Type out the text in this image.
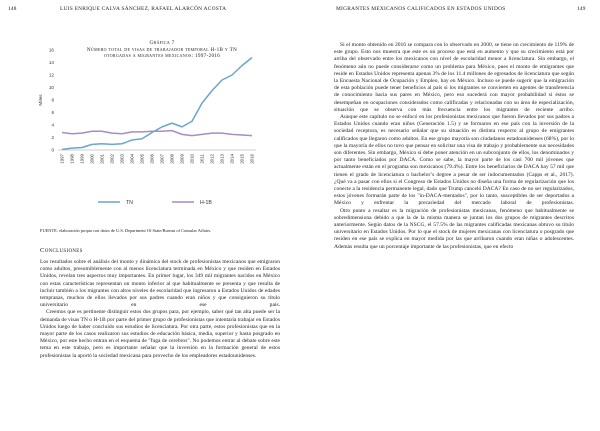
148	LUIS ENRIQUE CALVA SÁNCHEZ, RAFAEL ALARCÓN ACOSTA
Gráfica 7
Número total de visas de trabajador temporal H-1B y TN
otorgadas a migrantes mexicanos: 1997-2016
0
2
4
6
8
10
12
14
16
Miles
1997 1998 1999 2000 2001 2002 2003 2004 2005 2006 2007 2008 2009 2010 2011 2012 2013 2014 2015 2016
TN	H-1B
FUENTE: elaboración propia con datos de U.S. Department Of State/Bureau of Consular Affairs.
Conclusiones

Los resultados sobre el análisis del monto y dinámica del stock de profesionistas mexicanos que emigraron como adultos, presumiblemente con al menos licenciatura terminada en México y que residen en Estados Unidos, revelan tres aspectos muy importantes. En primer lugar, los 349 mil migrantes nacidos en México con estas características representan un monto inferior al que habitualmente se presenta y que resulta de incluir también a los migrantes con altos niveles de escolaridad que ingresaron a Estados Unidos de edades tempranas, muchos de ellos llevados por sus padres cuando eran niños y que consiguieron su título universitario en ese país.

Creemos que es pertinente distinguir estos dos grupos para, por ejemplo, saber qué tan alta puede ser la demanda de visas TN o H-1B por parte del primer grupo de profesionistas que intentaría trabajar en Estados Unidos luego de haber concluido sus estudios de licenciatura. Por otra parte, estos profesionistas que en la mayor parte de los casos realizaron sus estudios de educación básica, media, superior y hasta posgrado en México, por este hecho entran en el esquema de "fuga de cerebros". No podemos entrar al debate sobre este tema en este trabajo, pero es importante señalar que la inversión en la formación general de estos profesionistas la aportó la sociedad mexicana para provecho de los empleadores estadounidenses.

MIGRANTES MEXICANOS CALIFICADOS EN ESTADOS UNIDOS	149

Si el monto obtenido en 2016 se compara con lo observado en 2000, se tiene un crecimiento de 119% de este grupo. Esto nos muestra que este es un proceso que está en aumento y que su crecimiento está por arriba del observado entre los mexicanos con nivel de escolaridad menor a licenciatura. Sin embargo, el fenómeno aún no puede considerarse como un problema para México, pues el monto de emigrantes que reside en Estados Unidos representa apenas 3% de los 11.4 millones de egresados de licenciatura que según la Encuesta Nacional de Ocupación y Empleo, hay en México. Incluso se puede sugerir que la emigración de esta población puede tener beneficios al país si los migrantes se convierten en agentes de transferencia de conocimiento hacia sus pares en México, pero eso sucederá con mayor probabilidad si éstos se desempeñan en ocupaciones considerados como calificadas y relacionadas con su área de especialización, situación que se observa con más frecuencia entre los migrantes de reciente arribo.

Aunque este capítulo no se enfocó en los profesionistas mexicanos que fueron llevados por sus padres a Estados Unidos cuando eran niños (Generación 1.5) y se formaron en ese país con la inversión de la sociedad receptora, es necesario señalar que su situación es distinta respecto al grupo de emigrantes calificados que llegaron como adultos. En ese grupo mayoría son ciudadanos estadounidenses (68%), por lo que la mayoría de ellos no tuvo que pensar en solicitar una visa de trabajo y probablemente sus necesidades son diferentes. Sin embargo, México sí debe poner atención en un subconjunto de ellos, los denominados y por tanto beneficiados por DACA. Como se sabe, la mayor parte de los casi 700 mil jóvenes que actualmente están en el programa son mexicanos (79.4%). Entre los beneficiarios de DACA hay 57 mil que tienen el grado de licenciatura o bachelor’s degree a pesar de ser indocumentados (Capps et al., 2017). ¿Qué va a pasar con ellos si el Congreso de Estados Unidos no diseña una forma de regularización que los conecte a la residencia permanente legal, dado que Trump canceló DACA? En caso de no ser regularizados, estos jóvenes formarán parte de los "in-DACA-mentados", por lo tanto, susceptibles de ser deportados a México y enfrentar la precariedad del mercado laboral de profesionistas.

Otro punto a resaltar es la migración de profesionistas mexicanas, fenómeno que habitualmente se sobredimensiona debido a que la de la misma manera se juntan los dos grupos de migrantes descritos anteriormente. Según datos de la NSCG, el 57.5% de las migrantes calificadas mexicanas obtuvo su título universitario en Estados Unidos. Por lo que el stock de mujeres mexicanas con licenciatura o posgrado que residen en ese país se explica en mayor medida por las que arribaron cuando eran niñas o adolescentes. Además resulta que un porcentaje importante de las profesionistas, que en efecto
